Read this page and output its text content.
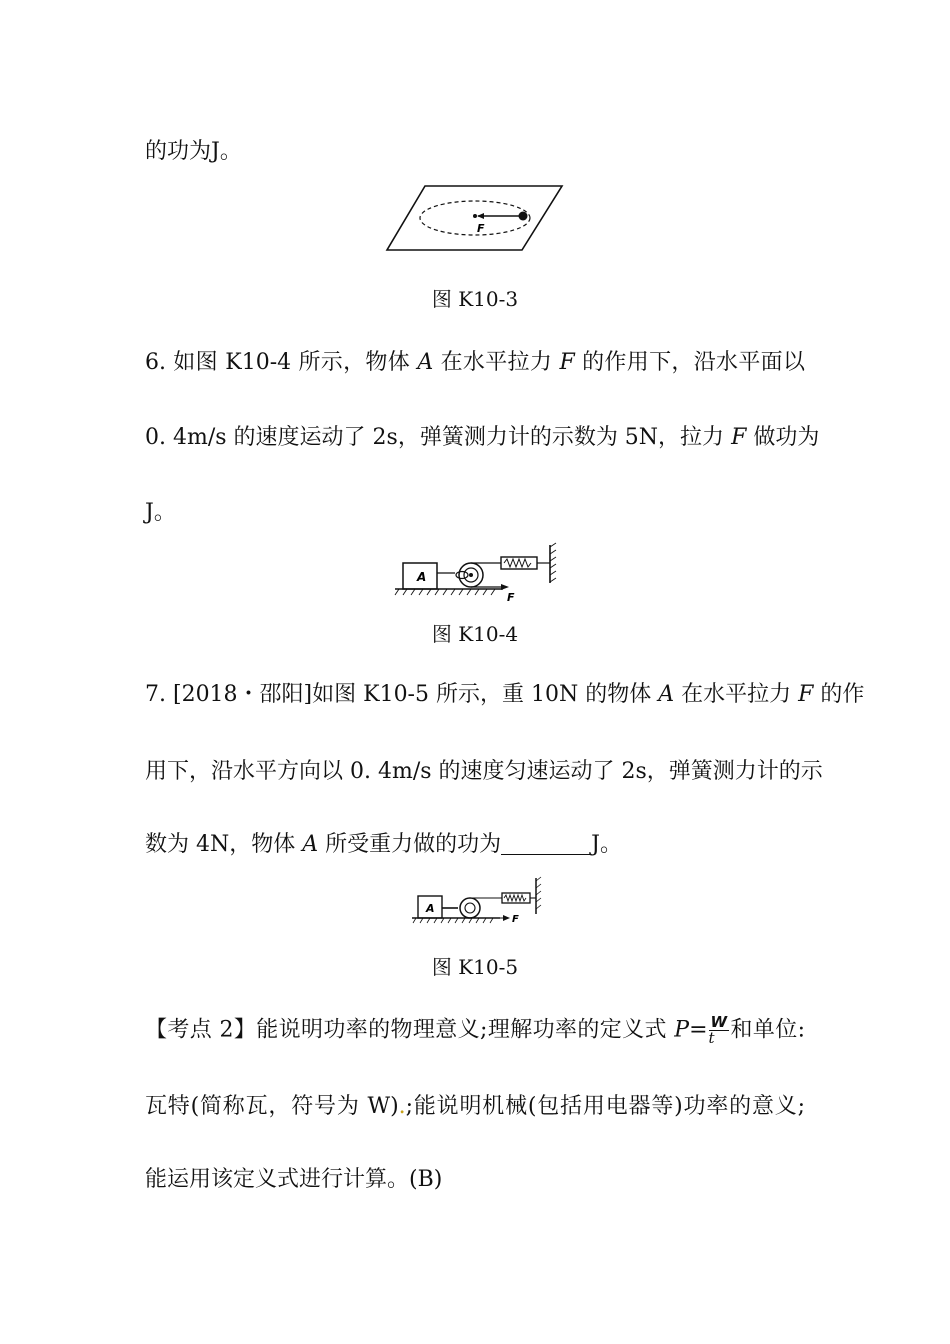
的功为J。
F
图 K10-3
6. 如图 K10-4 所示，物体 A 在水平拉力 F 的作用下，沿水平面以
0. 4m/s 的速度运动了 2s，弹簧测力计的示数为 5N，拉力 F 做功为
J。
A
F
图 K10-4
7. [2018・邵阳]如图 K10-5 所示，重 10N 的物体 A 在水平拉力 F 的作
用下，沿水平方向以 0. 4m/s 的速度匀速运动了 2s，弹簧测力计的示
数为 4N，物体 A 所受重力做的功为	J。
A
F
图 K10-5
【考点 2】能说明功率的物理意义;理解功率的定义式 $P= \frac{W}{t}$ 和单位:
瓦特(简称瓦，符号为 W).;能说明机械(包括用电器等)功率的意义;
能运用该定义式进行计算。(B)
